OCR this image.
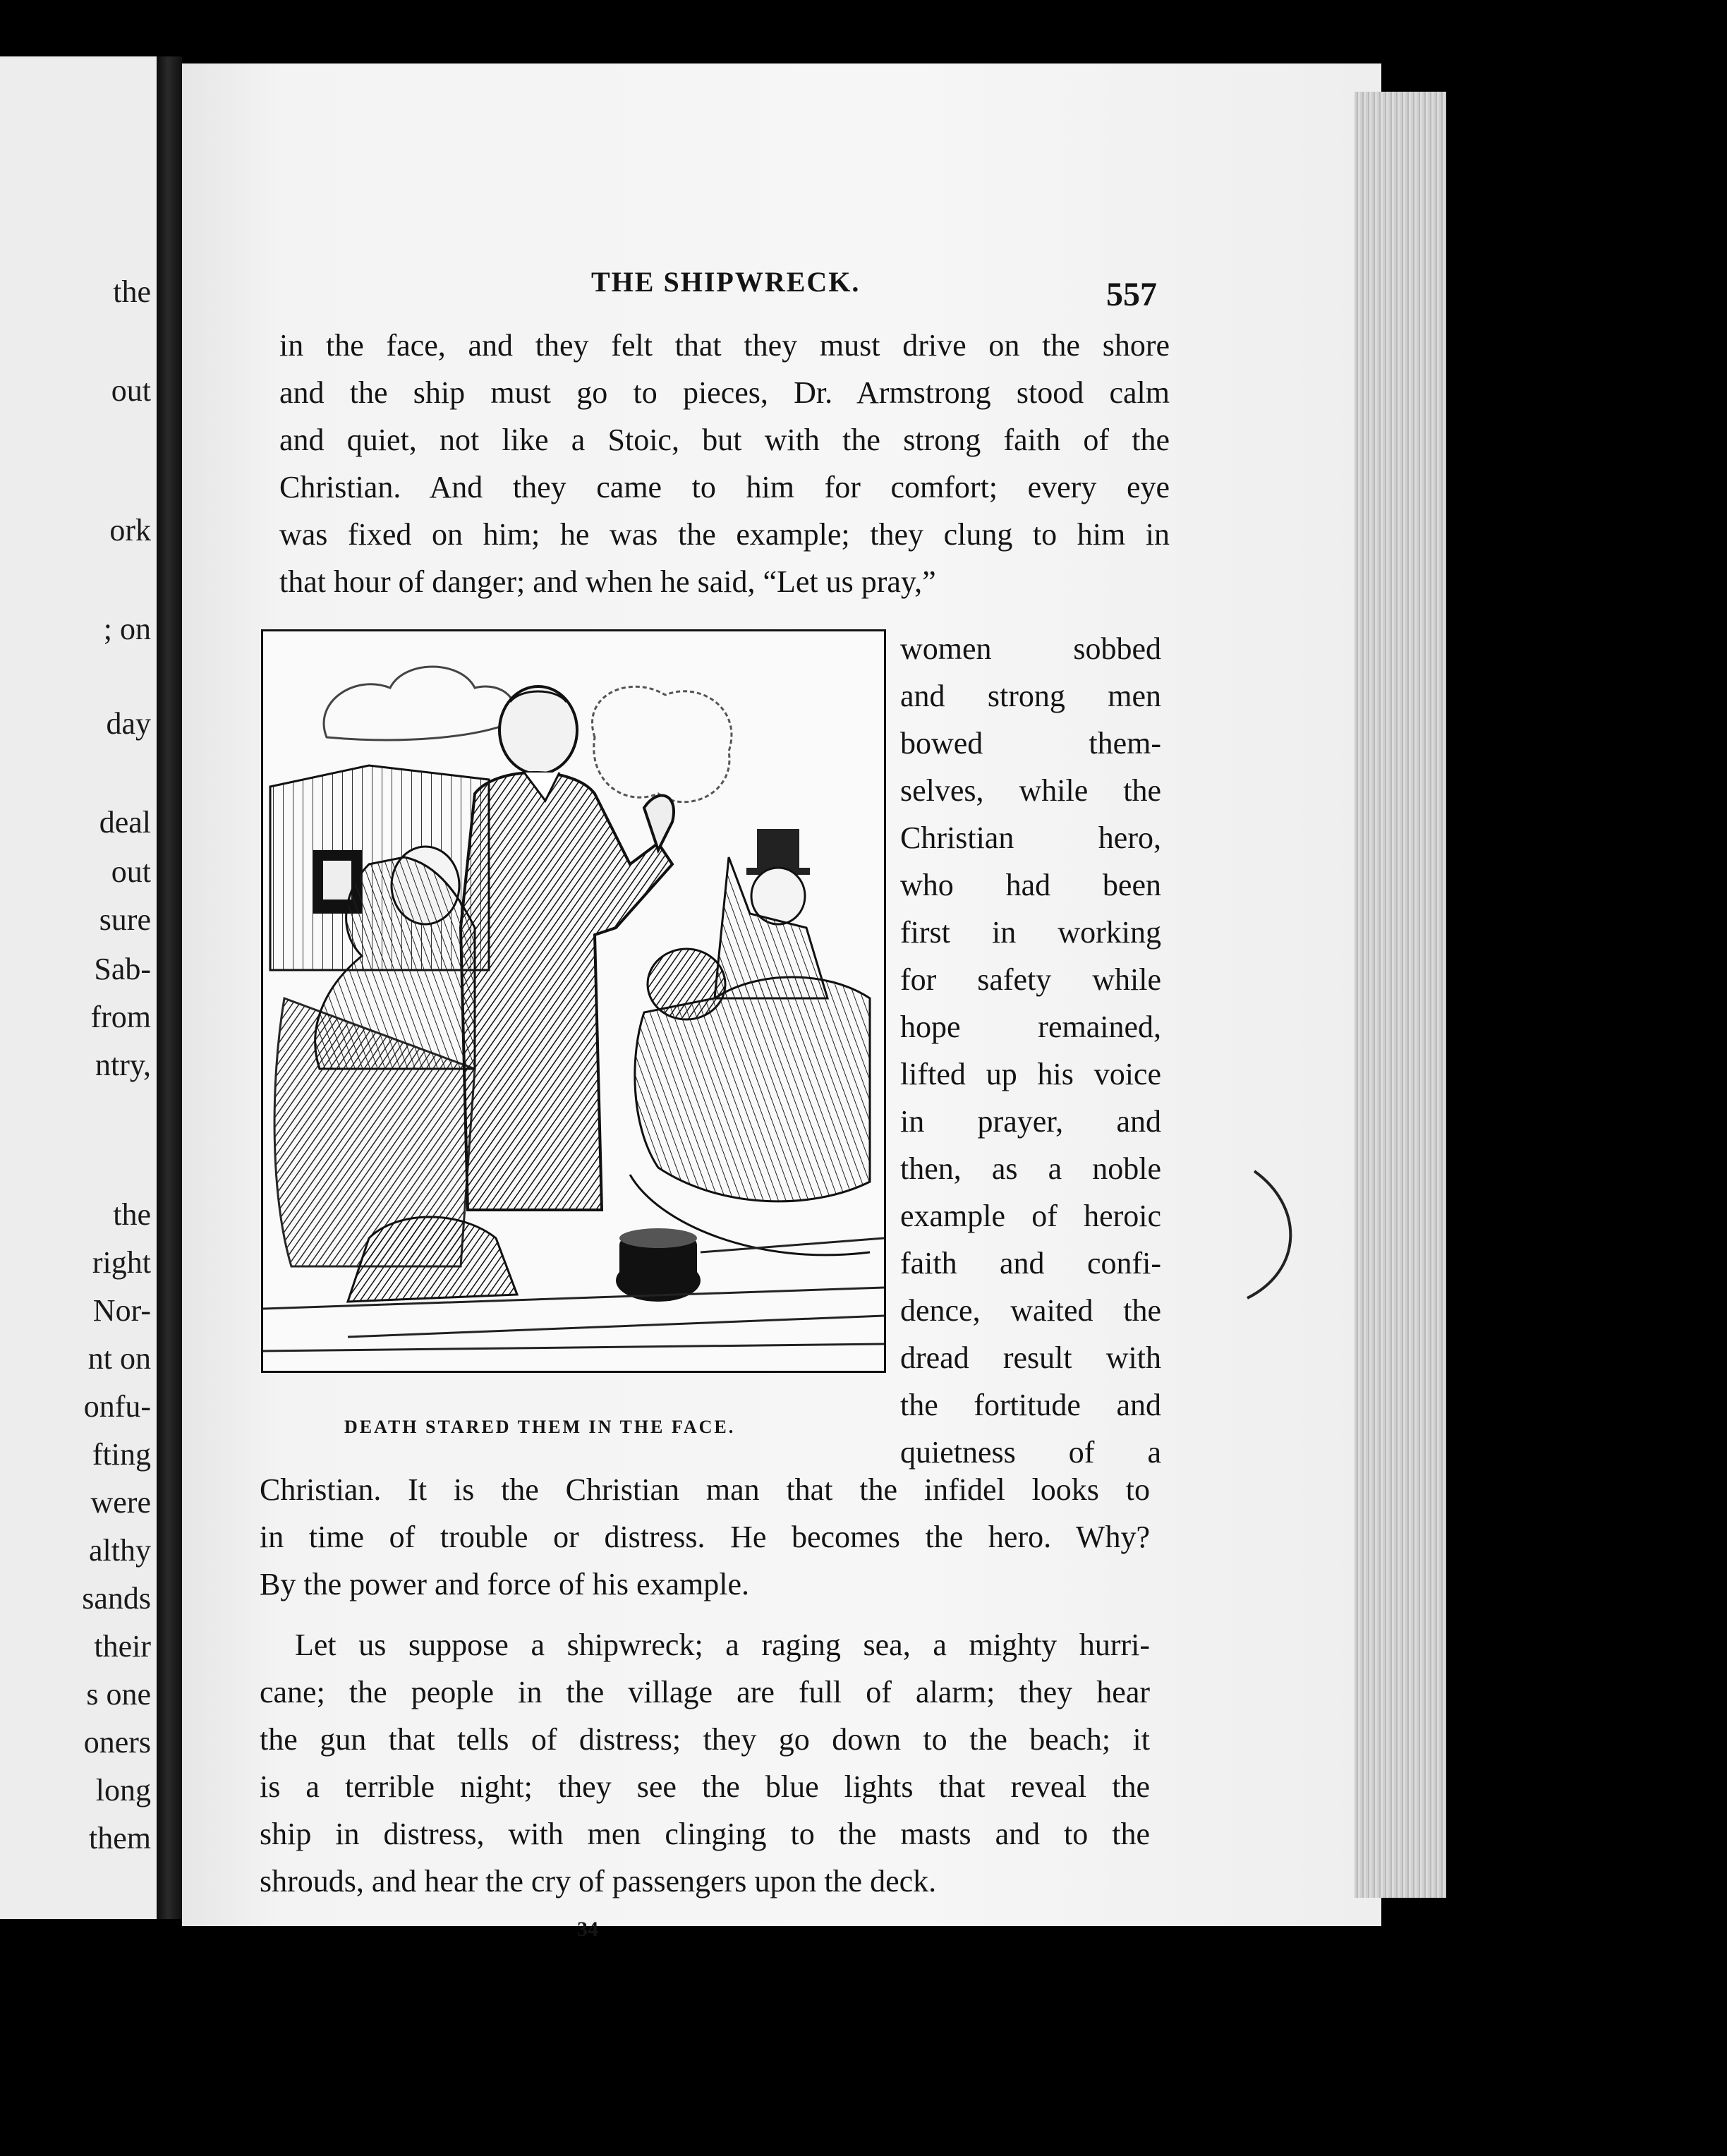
the
out
ork
; on
day
deal
out
sure
Sab-
from
ntry,
the
right
Nor-
nt on
onfu-
fting
were
althy
sands
their
s one
oners
long
them
THE SHIPWRECK.	557

in the face, and they felt that they must drive on the shore

and the ship must go to pieces, Dr. Armstrong stood calm

and quiet, not like a Stoic, but with the strong faith of the

Christian. And they came to him for comfort; every eye

was fixed on him; he was the example; they clung to him in

that hour of danger; and when he said, “Let us pray,”

DEATH STARED THEM IN THE FACE.

women sobbed

and strong men

bowed them-

selves, while the

Christian hero,

who had been

first in working

for safety while

hope remained,

lifted up his voice

in prayer, and

then, as a noble

example of heroic

faith and confi-

dence, waited the

dread result with

the fortitude and

quietness of a

Christian. It is the Christian man that the infidel looks to

in time of trouble or distress. He becomes the hero. Why?

By the power and force of his example.

Let us suppose a shipwreck; a raging sea, a mighty hurri-

cane; the people in the village are full of alarm; they hear

the gun that tells of distress; they go down to the beach; it

is a terrible night; they see the blue lights that reveal the

ship in distress, with men clinging to the masts and to the

shrouds, and hear the cry of passengers upon the deck.

34
